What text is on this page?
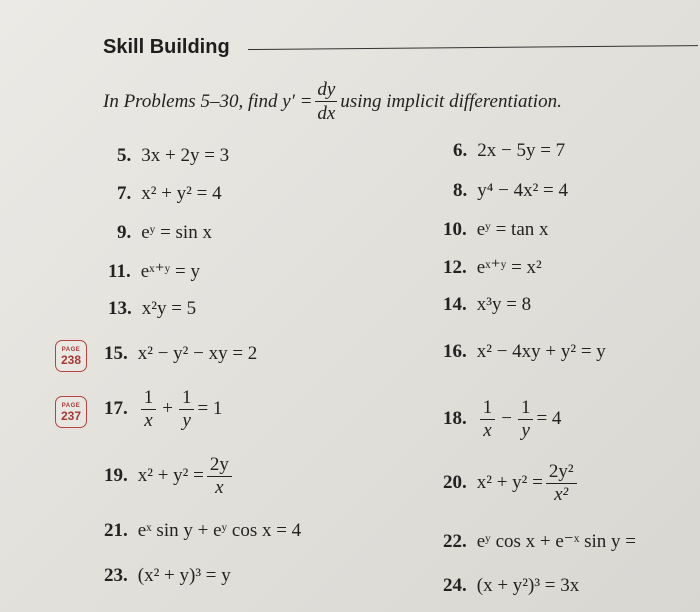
Skill Building
In Problems 5–30, find $y' = \frac{dy}{dx}$ using implicit differentiation.
PAGE
238
PAGE
237
5. 3x + 2y = 3
7. x² + y² = 4
9. eʸ = sin x
11. eˣ⁺ʸ = y
13. x²y = 5
15. x² − y² − xy = 2
17. $\frac{1}{x} + \frac{1}{y} = 1$
19. $x^2 + y^2 = \frac{2y}{x}$
21. eˣ sin y + eʸ cos x = 4
23. (x² + y)³ = y
6. 2x − 5y = 7
8. y⁴ − 4x² = 4
10. eʸ = tan x
12. eˣ⁺ʸ = x²
14. x³y = 8
16. x² − 4xy + y² = y
18. $\frac{1}{x} - \frac{1}{y} = 4$
20. $x^2 + y^2 = \frac{\text{2y²}}{\text{x²}}$
22. eʸ cos x + e⁻ˣ sin y =
24. (x + y²)³ = 3x
